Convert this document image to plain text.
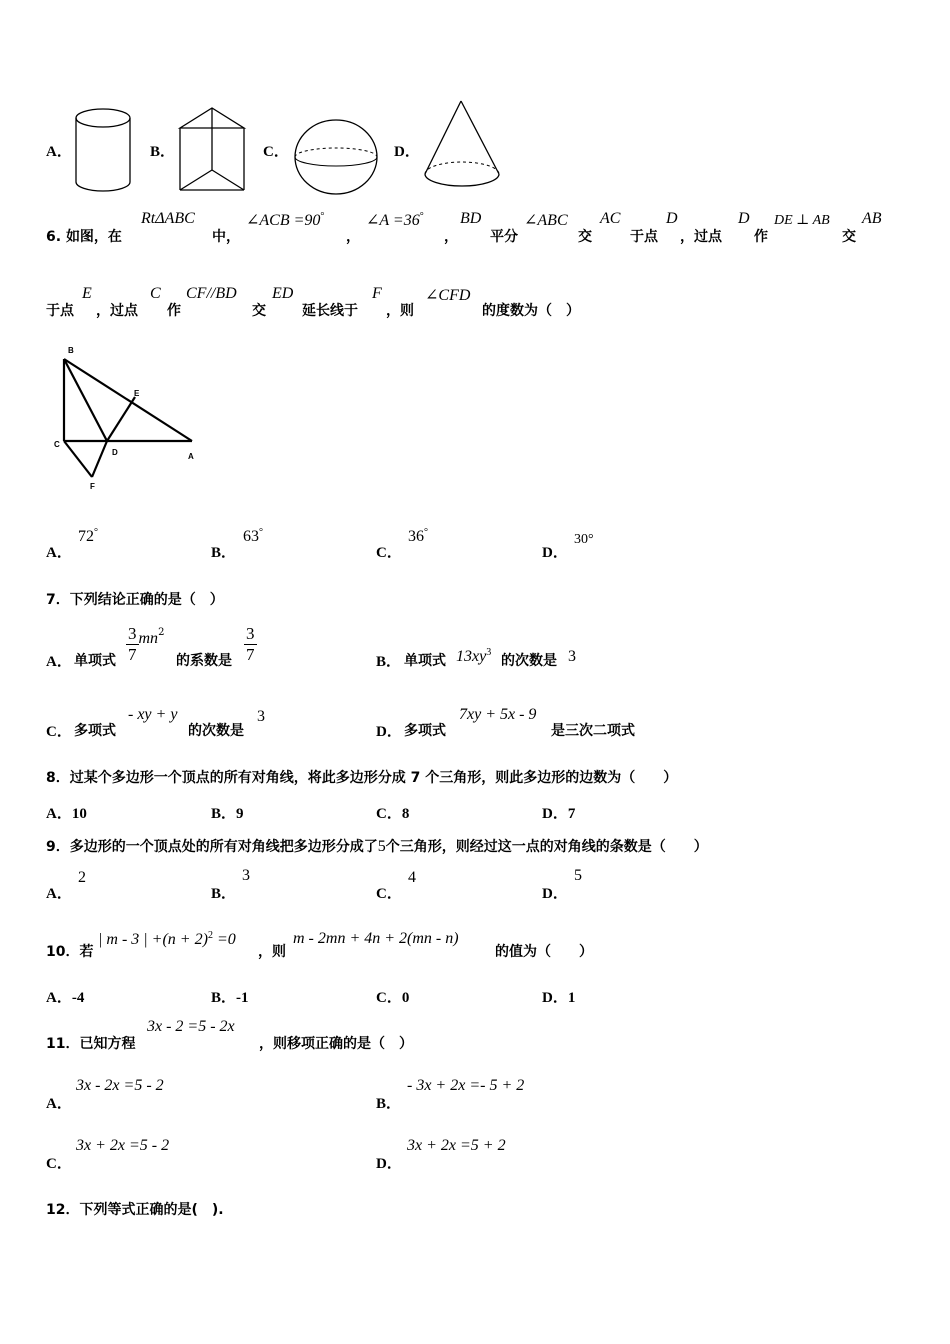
A．	B．	C．	D．
6. 如图，在
RtΔABC
中，
∠ACB =90°
，
∠A =36°
，
BD
平分
∠ABC
交
AC
于点
D
，过点
D
作
DE ⊥ AB
交
AB
于点
E
，过点
C
作
CF//BD
交
ED
延长线于
F
，则
∠CFD
的度数为（　）
B
E
C
D	A
F
A．
72°
B．
63°
C．
36°
D．
30°
7．下列结论正确的是（　）
A． 单项式 $\frac{3}{7} mn^2$
的系数是 $\frac{3}{7}$	B． 单项式 $13xy^3$
的次数是 3
C． 多项式
- xy + y
的次数是
3
D． 多项式
7xy + 5x - 9
是三次二项式
8．过某个多边形一个顶点的所有对角线，将此多边形分成 7 个三角形，则此多边形的边数为（　　）
A．10	B．9	C．8	D．7
9．多边形的一个顶点处的所有对角线把多边形分成了5个三角形，则经过这一点的对角线的条数是（　　）
A．
2
B．
3
C．
4
D．
5
10．若
| m - 3 | $+(n + 2)^2 =0$
，则
m - 2mn + 4n + 2(mn - n)
的值为（　　）
A．-4	B．-1	C．0	D．1
11．已知方程
3x - 2 =5 - 2x
，则移项正确的是（　）
A．
3x - 2x =5 - 2
B．
- 3x + 2x =- 5 + 2
C．
3x + 2x =5 - 2
D．
3x + 2x =5 + 2
12．下列等式正确的是(　).
